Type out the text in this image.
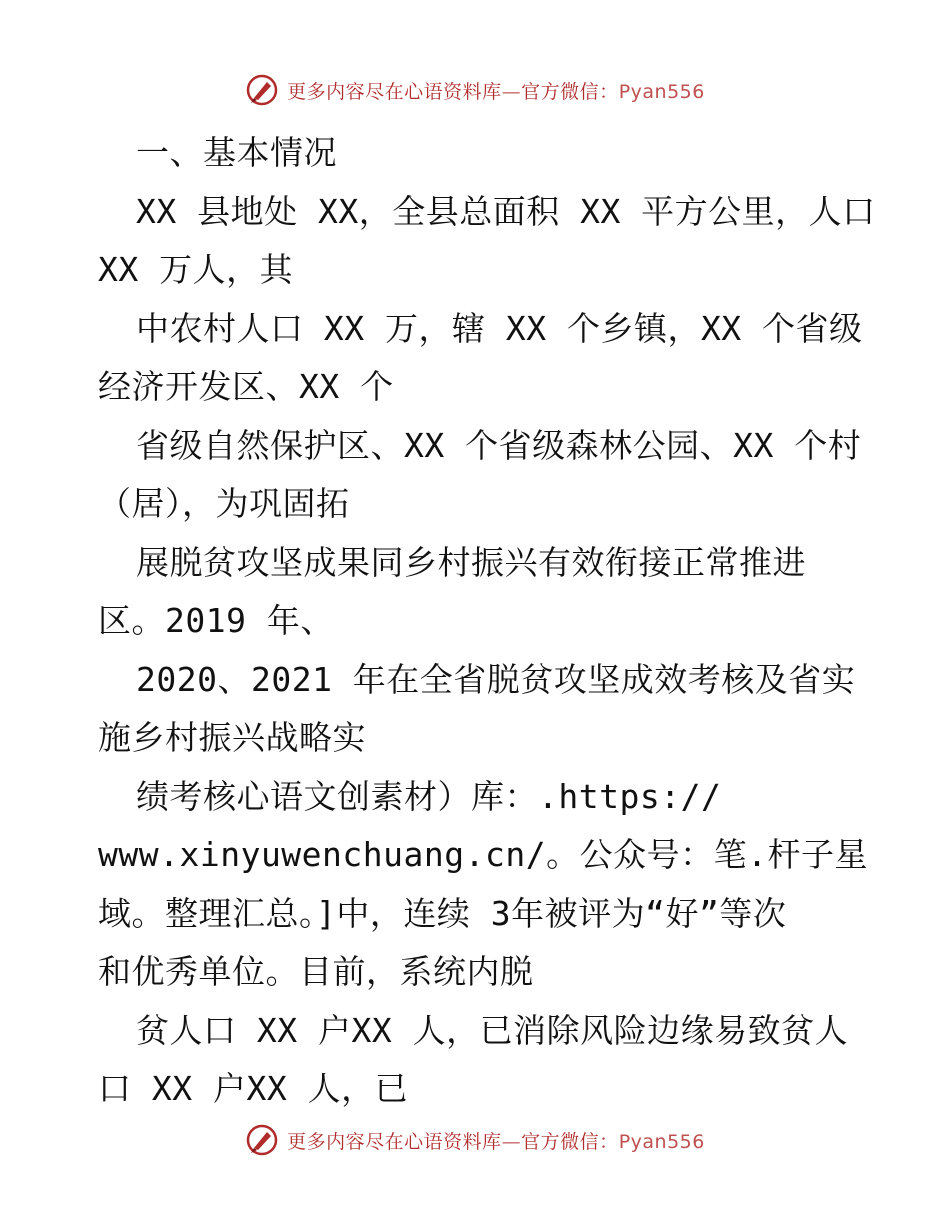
更多内容尽在心语资料库—官方微信：Pyan556
一、基本情况
XX 县地处 XX，全县总面积 XX 平方公里，人口
XX 万人，其
中农村人口 XX 万，辖 XX 个乡镇，XX 个省级
经济开发区、XX 个
省级自然保护区、XX 个省级森林公园、XX 个村
（居），为巩固拓
展脱贫攻坚成果同乡村振兴有效衔接正常推进
区。2019 年、
2020、2021 年在全省脱贫攻坚成效考核及省实
施乡村振兴战略实
绩考核心语文创素材）库：.https://
www.xinyuwenchuang.cn/。公众号：笔.杆子星
域。整理汇总。]中，连续 3年被评为“好”等次
和优秀单位。目前，系统内脱
贫人口 XX 户XX 人，已消除风险边缘易致贫人
口 XX 户XX 人，已
更多内容尽在心语资料库—官方微信：Pyan556
